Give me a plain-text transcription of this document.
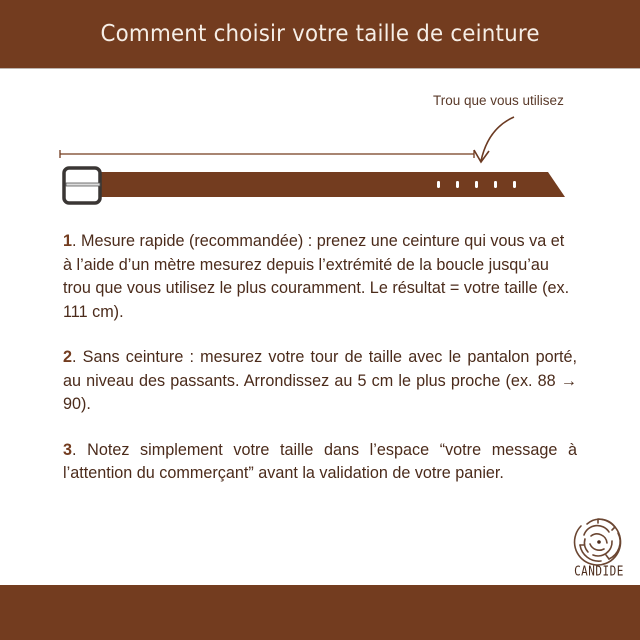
Comment choisir votre taille de ceinture
Trou que vous utilisez

1. Mesure rapide (recommandée) : prenez une ceinture qui vous va et à l’aide d’un mètre mesurez depuis l’extrémité de la boucle jusqu’au trou que vous utilisez le plus couramment. Le résultat = votre taille (ex. 111 cm).

2. Sans ceinture : mesurez votre tour de taille avec le pantalon porté, au niveau des passants. Arrondissez au 5 cm le plus proche (ex. 88 → 90).

3. Notez simplement votre taille dans l’espace “votre message à l’attention du commerçant” avant la validation de votre panier.

CANDIDE
